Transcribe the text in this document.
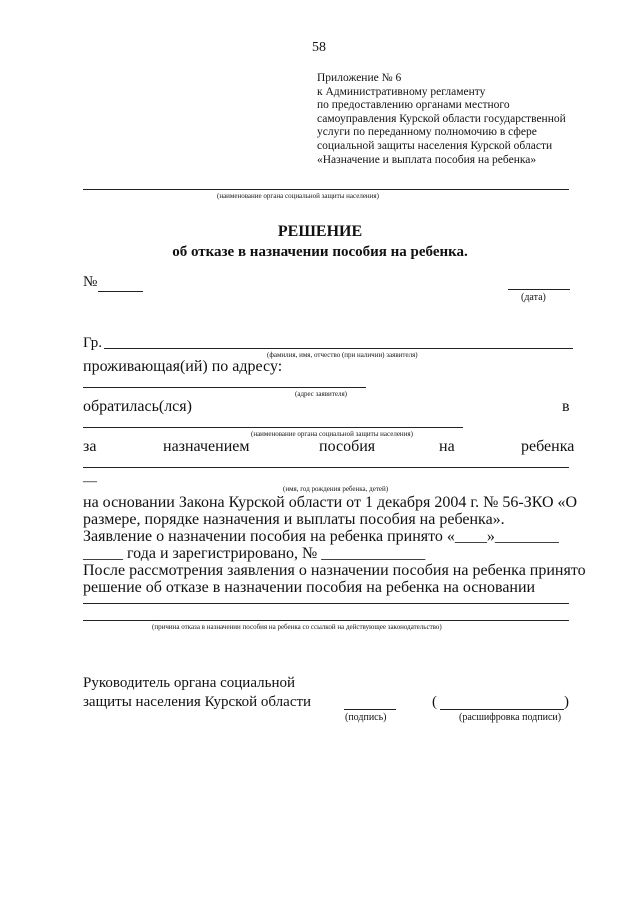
58
Приложение № 6
к Административному регламенту
по предоставлению органами местного
самоуправления Курской области государственной
услуги по переданному полномочию в сфере
социальной защиты населения Курской области
«Назначение и выплата пособия на ребенка»
(наименование органа социальной защиты населения)
РЕШЕНИЕ
об отказе в назначении пособия на ребенка.
№
(дата)
Гр.
(фамилия, имя, отчество (при наличии) заявителя)
проживающая(ий) по адресу:
(адрес заявителя)
обратилась(лся)	в
(наименование органа социальной защиты населения)
за	назначением	пособия	на	ребенка
—	(имя, год рождения ребенка, детей)
на основании Закона Курской области от 1 декабря 2004 г. № 56-ЗКО «О
размере, порядке назначения и выплаты пособия на ребенка».
Заявление о назначении пособия на ребенка принято «____»________
_____ года и зарегистрировано, № _____________
После рассмотрения заявления о назначении пособия на ребенка принято
решение об отказе в назначении пособия на ребенка на основании
(причина отказа в назначении пособия на ребенка со ссылкой на действующее законодательство)
Руководитель органа социальной
защиты населения Курской области
(подпись)
(	)
(расшифровка подписи)
